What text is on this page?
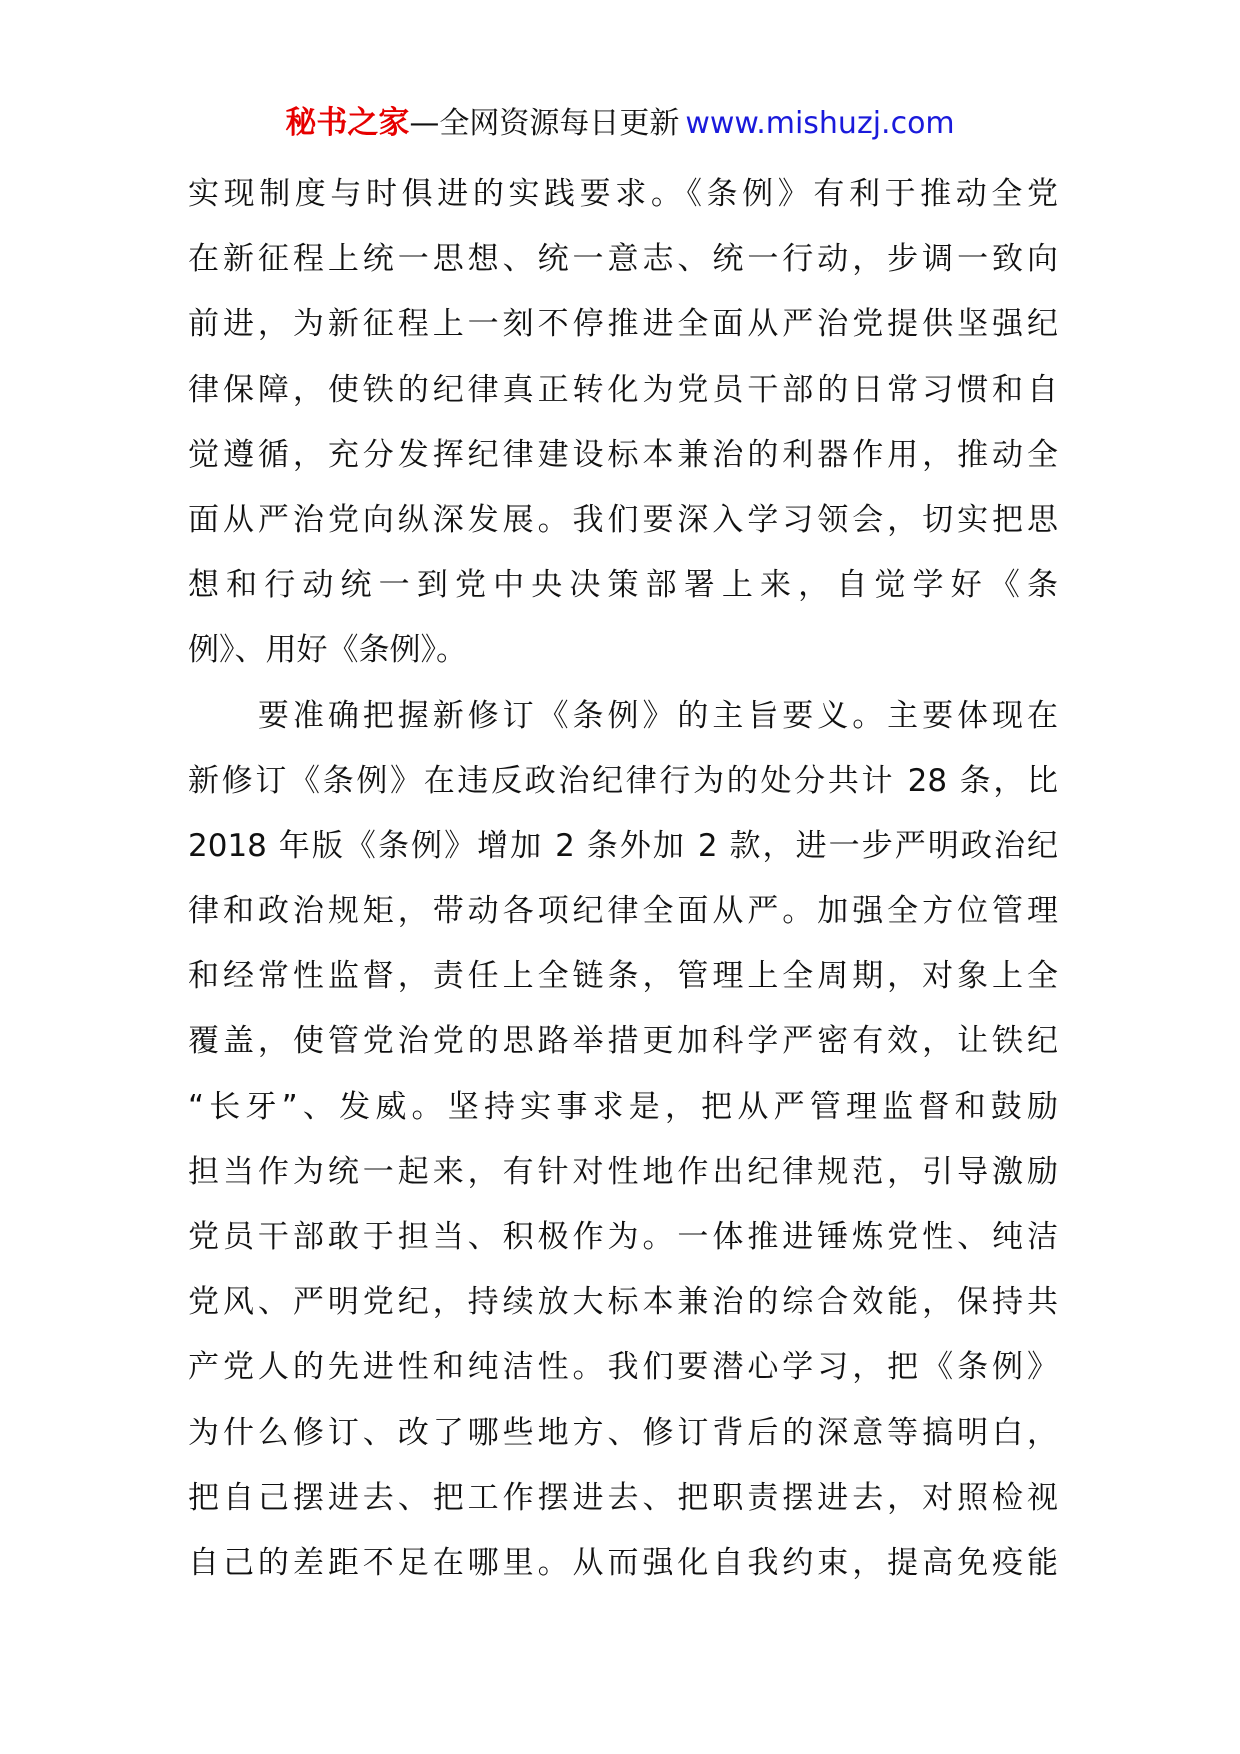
秘书之家—全网资源每日更新 www.mishuzj.com
实现制度与时俱进的实践要求。《条例》有利于推动全党
在新征程上统一思想、统一意志、统一行动，步调一致向
前进，为新征程上一刻不停推进全面从严治党提供坚强纪
律保障，使铁的纪律真正转化为党员干部的日常习惯和自
觉遵循，充分发挥纪律建设标本兼治的利器作用，推动全
面从严治党向纵深发展。我们要深入学习领会，切实把思
想和行动统一到党中央决策部署上来，自觉学好《条
例》、用好《条例》。
　　要准确把握新修订《条例》的主旨要义。主要体现在
新修订《条例》在违反政治纪律行为的处分共计 28 条，比
2018 年版《条例》增加 2 条外加 2 款，进一步严明政治纪
律和政治规矩，带动各项纪律全面从严。加强全方位管理
和经常性监督，责任上全链条，管理上全周期，对象上全
覆盖，使管党治党的思路举措更加科学严密有效，让铁纪
“长牙”、发威。坚持实事求是，把从严管理监督和鼓励
担当作为统一起来，有针对性地作出纪律规范，引导激励
党员干部敢于担当、积极作为。一体推进锤炼党性、纯洁
党风、严明党纪，持续放大标本兼治的综合效能，保持共
产党人的先进性和纯洁性。我们要潜心学习，把《条例》
为什么修订、改了哪些地方、修订背后的深意等搞明白，
把自己摆进去、把工作摆进去、把职责摆进去，对照检视
自己的差距不足在哪里。从而强化自我约束，提高免疫能
